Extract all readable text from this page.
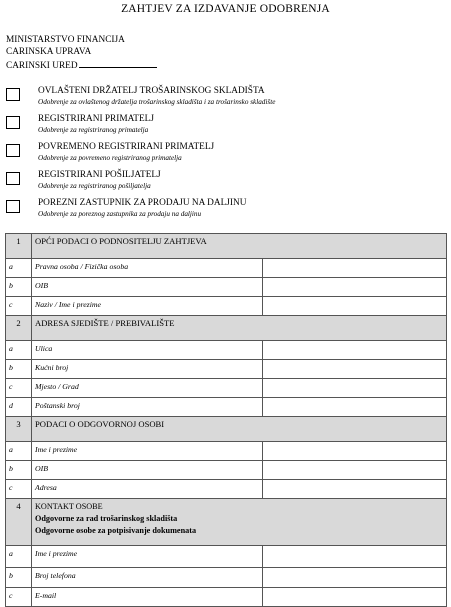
ZAHTJEV ZA IZDAVANJE ODOBRENJA
MINISTARSTVO FINANCIJA
CARINSKA UPRAVA
CARINSKI URED
OVLAŠTENI DRŽATELJ TROŠARINSKOG SKLADIŠTA
Odobrenje za ovlaštenog držatelja trošarinskog skladišta i za trošarinsko skladište
REGISTRIRANI PRIMATELJ
Odobrenje za registriranog primatelja
POVREMENO REGISTRIRANI PRIMATELJ
Odobrenje za povremeno registriranog primatelja
REGISTRIRANI POŠILJATELJ
Odobrenje za registriranog pošiljatelja
POREZNI ZASTUPNIK ZA PRODAJU NA DALJINU
Odobrenje za poreznog zastupnika za prodaju na daljinu
1	OPĆI PODACI O PODNOSITELJU ZAHTJEVA	
a	Pravna osoba / Fizička osoba	
b	OIB	
c	Naziv / Ime i prezime	
2	ADRESA SJEDIŠTE / PREBIVALIŠTE	
a	Ulica	
b	Kućni broj	
c	Mjesto / Grad	
d	Poštanski broj	
3	PODACI O ODGOVORNOJ OSOBI	
a	Ime i prezime	
b	OIB	
c	Adresa	
4	KONTAKT OSOBE
Odgovorne za rad trošarinskog skladišta
Odgovorne osobe za potpisivanje dokumenata	

a	Ime i prezime	
b	Broj telefona	
c	E-mail	
